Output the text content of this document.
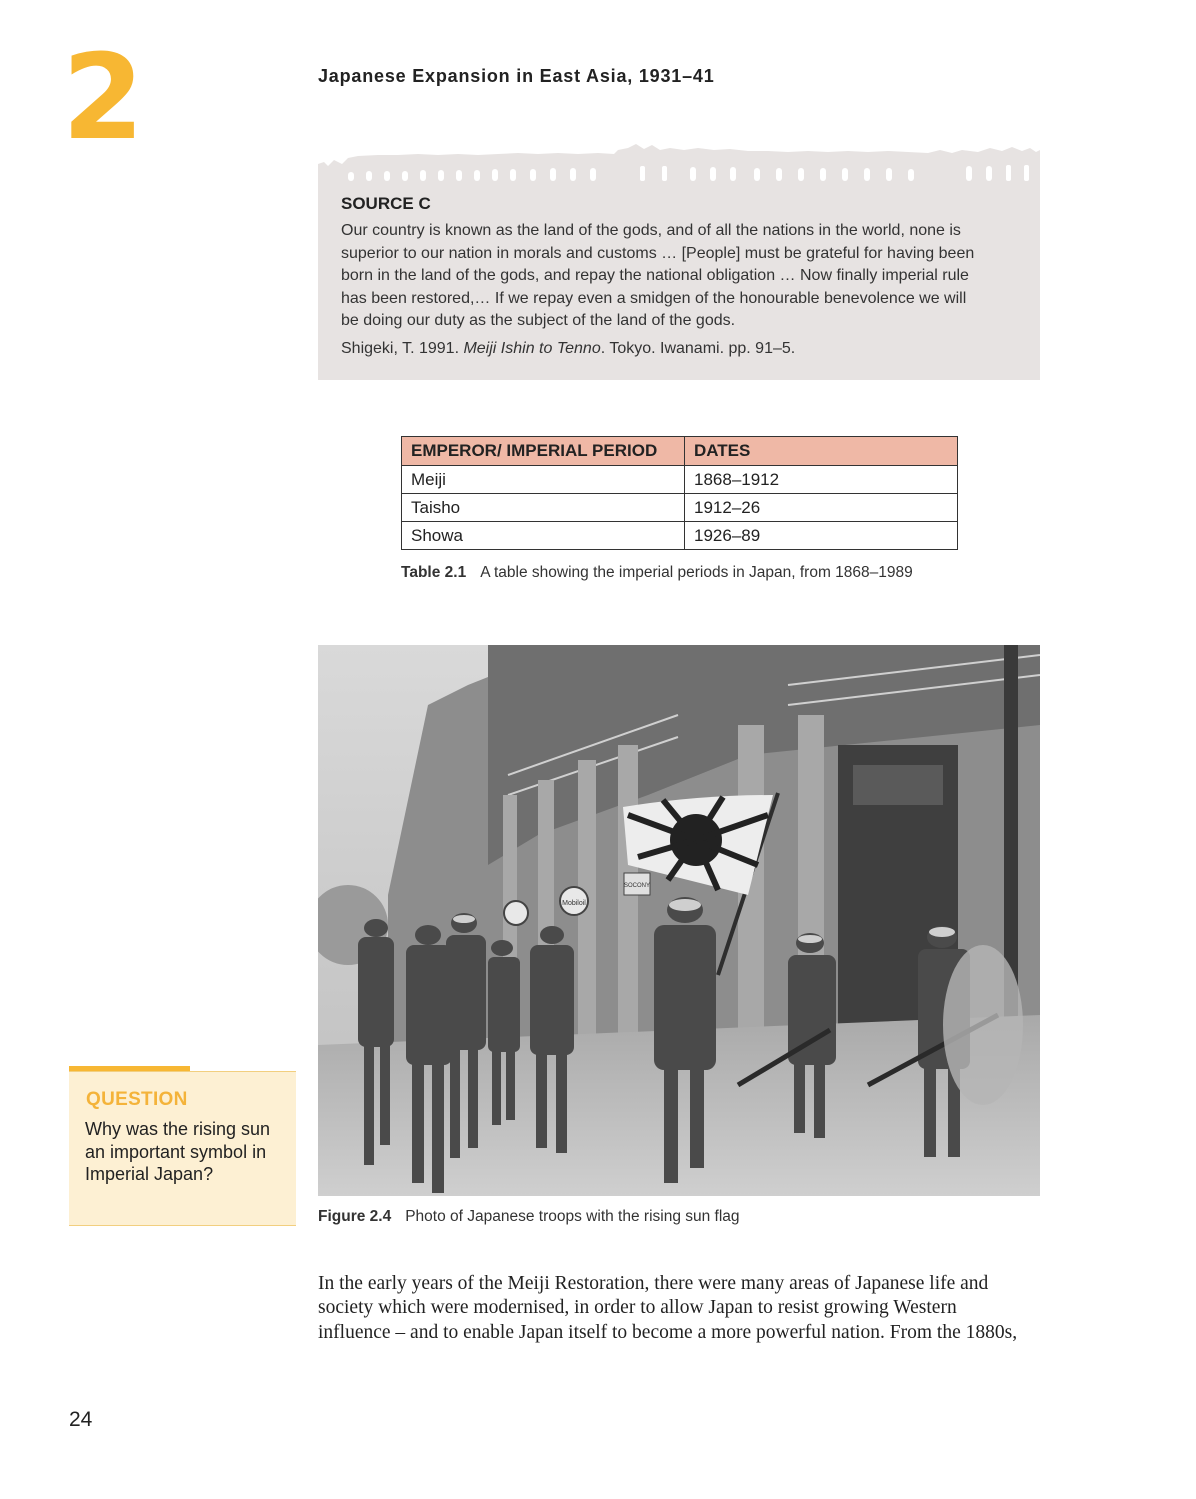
2	Japanese Expansion in East Asia, 1931–41
SOURCE C
Our country is known as the land of the gods, and of all the nations in the world, none is
superior to our nation in morals and customs … [People] must be grateful for having been
born in the land of the gods, and repay the national obligation … Now finally imperial rule
has been restored,… If we repay even a smidgen of the honourable benevolence we will
be doing our duty as the subject of the land of the gods.
Shigeki, T. 1991. Meiji Ishin to Tenno. Tokyo. Iwanami. pp. 91–5.
EMPEROR/ IMPERIAL PERIOD	DATES
Meiji	1868–1912
Taisho	1912–26
Showa	1926–89
Table 2.1 A table showing the imperial periods in Japan, from 1868–1989
Mobiloil
SOCONY
Figure 2.4 Photo of Japanese troops with the rising sun flag
QUESTION
Why was the rising sun an important symbol in Imperial Japan?
In the early years of the Meiji Restoration, there were many areas of Japanese life and
society which were modernised, in order to allow Japan to resist growing Western
influence – and to enable Japan itself to become a more powerful nation. From the 1880s,
24
